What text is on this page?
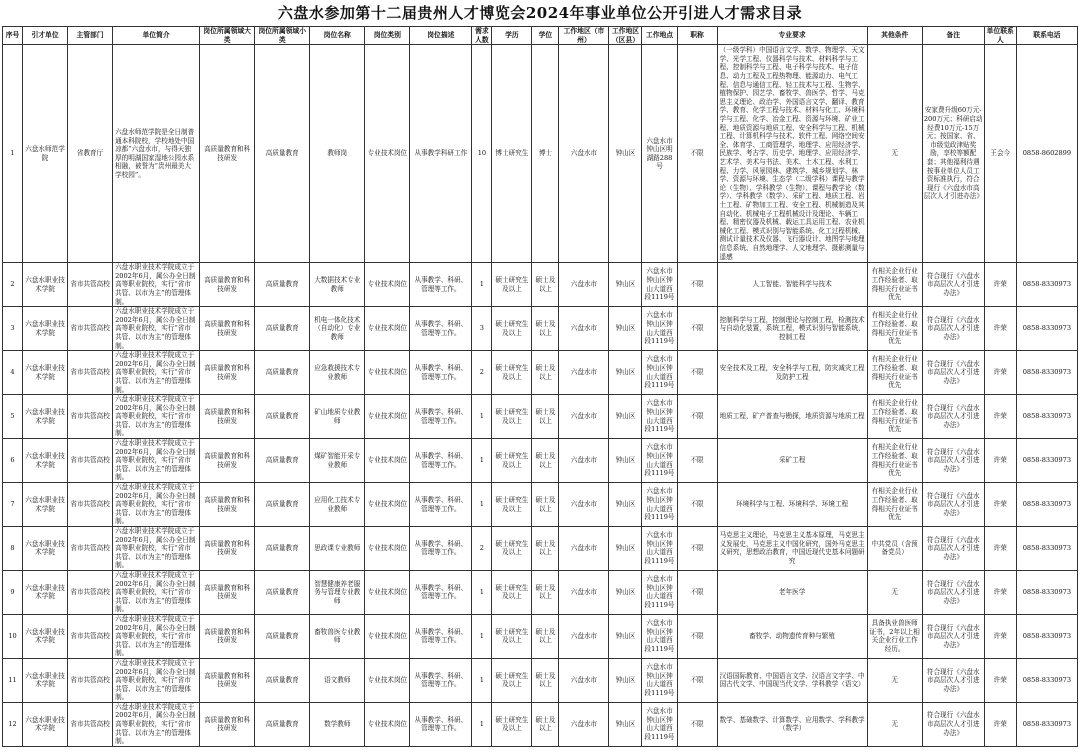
六盘水参加第十二届贵州人才博览会2024年事业单位公开引进人才需求目录
序号	引才单位	主管部门	单位简介	岗位所属领域大类	岗位所属领域小类	岗位名称	岗位类别	岗位描述	需求人数	学历	学位	工作地区（市州）	工作地区（区县）	工作地点	职称	专业要求	其他条件	备注	单位联系人	联系电话
1	六盘水师范学院	省教育厅	六盘水师范学院是全日制普通本科院校，学校地处中国凉都“六盘水市，与得天独厚的明湖国家湿地公园水系相融，被誉为“贵州最美大学校园”。	高质量教育和科技研发	高质量教育	教师岗	专业技术岗位	从事教学科研工作	10	博士研究生	博士	六盘水市	钟山区	六盘水市钟山区明湖路288号	不限	（一级学科）中国语言文学、数学、物理学、天文学、光学工程、仪器科学与技术、材料科学与工程、控制科学与工程、电子科学与技术、电子信息、动力工程及工程热物理、能源动力、电气工程、信息与通信工程、轻工技术与工程、生物学、植物保护、园艺学、畜牧学、兽医学、哲学、马克思主义理论、政治学、外国语言文学、翻译、教育学、教育、化学工程与技术、材料与化工、环境科学与工程、化学、冶金工程、资源与环境、矿业工程、地质资源与地质工程、安全科学与工程、机械工程、计算机科学与技术、软件工程、网络空间安全、体育学、工商管理学、地理学、应用经济学、民族学、考古学、历史学、地理学、应用经济学、艺术学、美术与书法、美术、土木工程、水利工程、力学、风景园林、建筑学、城乡规划学、林学、资源与环境、生态学（二级学科）课程与教学论（生物）、学科教学（生物）、课程与教学论（数学）、学科教学（数学）、采矿工程、地质工程、岩土工程、矿物加工工程、安全工程、机械制造及其自动化、机械电子工程机械设计及理论、车辆工程、精密仪器及机械、载运工具运用工程、农业机械化工程、模式识别与智能系统、化工过程机械、测试计量技术及仪器、飞行器设计、地图学与地理信息系统、自然地理学、人文地理学、摄影测量与遥感	无	安家费升级60万元-200万元；科研启动经费10万元-15万元；按国家、省、市级觉政津贴奖励，享校等额配套；其他福利待遇按事业单位人员工资标准执行，符合现行《六盘水市高层次人才引进办法》	王会今	0858-8602899
2	六盘水职业技术学院	省市共管高校	六盘水职业技术学院成立于2002年6月，属公办全日制高等职业院校，实行“省市共管、以市为主”的管理体制。	高质量教育和科技研发	高质量教育	大数据技术专业教师	专业技术岗位	从事教学、科研、管理等工作。	1	硕士研究生及以上	硕士及以上	六盘水市	钟山区	六盘水市钟山区钟山大道西段1119号	不限	人工智能、智能科学与技术	有相关企业行业工作经验者、取得相关行业证书优先	符合现行《六盘水市高层次人才引进办法》	许荣	0858-8330973
3	六盘水职业技术学院	省市共管高校	六盘水职业技术学院成立于2002年6月，属公办全日制高等职业院校，实行“省市共管、以市为主”的管理体制。	高质量教育和科技研发	高质量教育	机电一体化技术（自动化）专业教师	专业技术岗位	从事教学、科研、管理等工作。	3	硕士研究生及以上	硕士及以上	六盘水市	钟山区	六盘水市钟山区钟山大道西段1119号	不限	控制科学与工程，控制理论与控制工程，检测技术与自动化装置，系统工程，模式识别与智能系统，控制工程	有相关企业行业工作经验者、取得相关行业证书优先	符合现行《六盘水市高层次人才引进办法》	许荣	0858-8330973
4	六盘水职业技术学院	省市共管高校	六盘水职业技术学院成立于2002年6月，属公办全日制高等职业院校，实行“省市共管、以市为主”的管理体制。	高质量教育和科技研发	高质量教育	应急救援技术专业教师	专业技术岗位	从事教学、科研、管理等工作。	2	硕士研究生及以上	硕士及以上	六盘水市	钟山区	六盘水市钟山区钟山大道西段1119号	不限	安全技术及工程，安全科学与工程，防灾减灾工程及防护工程	有相关企业行业工作经验者、取得相关行业证书优先	符合现行《六盘水市高层次人才引进办法》	许荣	0858-8330973
5	六盘水职业技术学院	省市共管高校	六盘水职业技术学院成立于2002年6月，属公办全日制高等职业院校，实行“省市共管、以市为主”的管理体制。	高质量教育和科技研发	高质量教育	矿山地质专业教师	专业技术岗位	从事教学、科研、管理等工作。	1	硕士研究生及以上	硕士及以上	六盘水市	钟山区	六盘水市钟山区钟山大道西段1119号	不限	地质工程，矿产普查与勘探，地质资源与地质工程	有相关企业行业工作经验者、取得相关行业证书优先	符合现行《六盘水市高层次人才引进办法》	许荣	0858-8330973
6	六盘水职业技术学院	省市共管高校	六盘水职业技术学院成立于2002年6月，属公办全日制高等职业院校，实行“省市共管、以市为主”的管理体制。	高质量教育和科技研发	高质量教育	煤矿智能开采专业教师	专业技术岗位	从事教学、科研、管理等工作。	1	硕士研究生及以上	硕士及以上	六盘水市	钟山区	六盘水市钟山区钟山大道西段1119号	不限	采矿工程	有相关企业行业工作经验者、取得相关行业证书优先	符合现行《六盘水市高层次人才引进办法》	许荣	0858-8330973
7	六盘水职业技术学院	省市共管高校	六盘水职业技术学院成立于2002年6月，属公办全日制高等职业院校，实行“省市共管、以市为主”的管理体制。	高质量教育和科技研发	高质量教育	应用化工技术专业教师	专业技术岗位	从事教学、科研、管理等工作。	1	硕士研究生及以上	硕士及以上	六盘水市	钟山区	六盘水市钟山区钟山大道西段1119号	不限	环境科学与工程、环境科学、环境工程	有相关企业行业工作经验者、取得相关行业证书优先	符合现行《六盘水市高层次人才引进办法》	许荣	0858-8330973
8	六盘水职业技术学院	省市共管高校	六盘水职业技术学院成立于2002年6月，属公办全日制高等职业院校，实行“省市共管、以市为主”的管理体制。	高质量教育和科技研发	高质量教育	思政课专业教师	专业技术岗位	从事教学、科研、管理等工作。	2	硕士研究生及以上	硕士及以上	六盘水市	钟山区	六盘水市钟山区钟山大道西段1119号	不限	马克思主义理论，马克思主义基本原理，马克思主义发展史，马克思主义中国化研究，国外马克思主义研究，思想政治教育，中国近现代史基本问题研究	中共党员（含预备党员）	符合现行《六盘水市高层次人才引进办法》	许荣	0858-8330973
9	六盘水职业技术学院	省市共管高校	六盘水职业技术学院成立于2002年6月，属公办全日制高等职业院校，实行“省市共管、以市为主”的管理体制。	高质量教育和科技研发	高质量教育	智慧健康养老服务与管理专业教师	专业技术岗位	从事教学、科研、管理等工作。	1	硕士研究生及以上	硕士及以上	六盘水市	钟山区	六盘水市钟山区钟山大道西段1119号	不限	老年医学	无	符合现行《六盘水市高层次人才引进办法》	许荣	0858-8330973
10	六盘水职业技术学院	省市共管高校	六盘水职业技术学院成立于2002年6月，属公办全日制高等职业院校，实行“省市共管、以市为主”的管理体制。	高质量教育和科技研发	高质量教育	畜牧兽医专业教师	专业技术岗位	从事教学、科研、管理等工作。	1	硕士研究生及以上	硕士及以上	六盘水市	钟山区	六盘水市钟山区钟山大道西段1119号	不限	畜牧学、动物遗传育种与繁殖	具备执业兽医师证书，2年以上相关企业行业工作经历。	符合现行《六盘水市高层次人才引进办法》	许荣	0858-8330973
11	六盘水职业技术学院	省市共管高校	六盘水职业技术学院成立于2002年6月，属公办全日制高等职业院校，实行“省市共管、以市为主”的管理体制。	高质量教育和科技研发	高质量教育	语文教师	专业技术岗位	从事教学、科研、管理等工作。	1	硕士研究生及以上	硕士及以上	六盘水市	钟山区	六盘水市钟山区钟山大道西段1119号	不限	汉语国际教育、中国语言文学、汉语言文字学、中国古代文学、中国现当代文学、学科教学（语文）	无	符合现行《六盘水市高层次人才引进办法》	许荣	0858-8330973
12	六盘水职业技术学院	省市共管高校	六盘水职业技术学院成立于2002年6月，属公办全日制高等职业院校，实行“省市共管、以市为主”的管理体制。	高质量教育和科技研发	高质量教育	数学教师	专业技术岗位	从事教学、科研、管理等工作。	1	硕士研究生及以上	硕士及以上	六盘水市	钟山区	六盘水市钟山区钟山大道西段1119号	不限	数学、基础数学、计算数学、应用数学、学科教学（数学）	无	符合现行《六盘水市高层次人才引进办法》	许荣	0858-8330973
